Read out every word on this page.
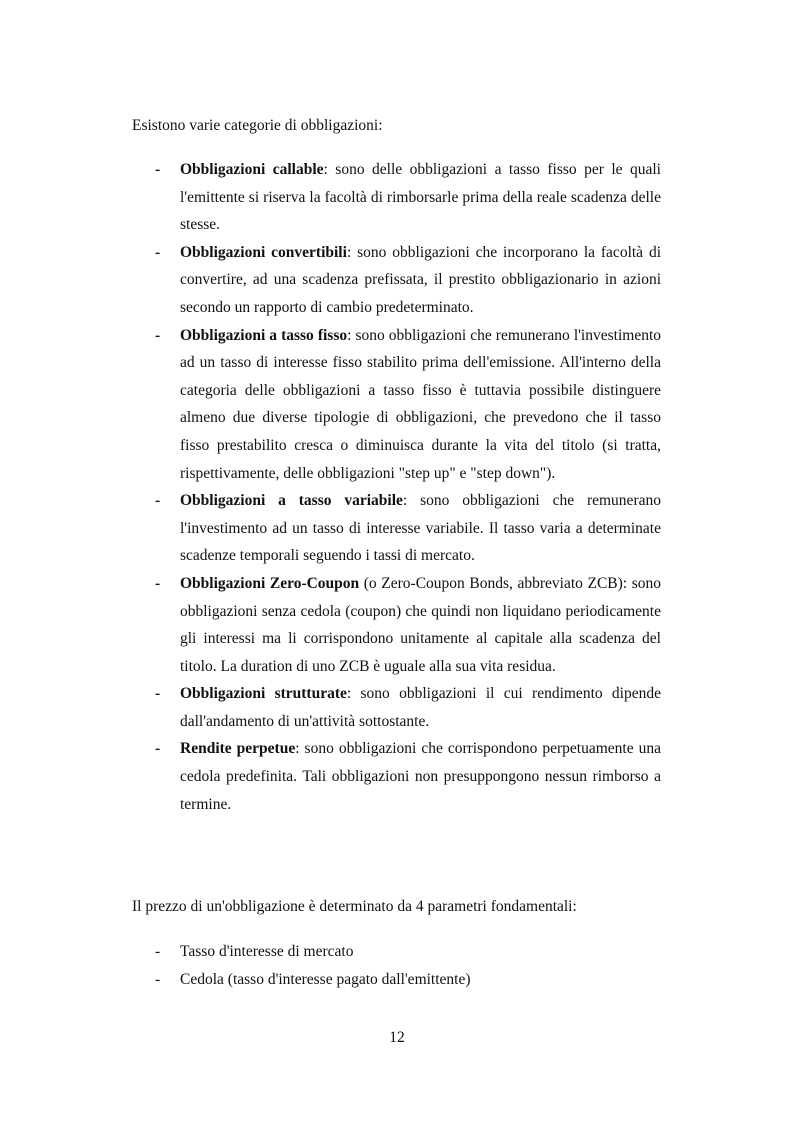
Esistono varie categorie di obbligazioni:

- Obbligazioni callable: sono delle obbligazioni a tasso fisso per le quali l'emittente si riserva la facoltà di rimborsarle prima della reale scadenza delle stesse.
- Obbligazioni convertibili: sono obbligazioni che incorporano la facoltà di convertire, ad una scadenza prefissata, il prestito obbligazionario in azioni secondo un rapporto di cambio predeterminato.
- Obbligazioni a tasso fisso: sono obbligazioni che remunerano l'investimento ad un tasso di interesse fisso stabilito prima dell'emissione. All'interno della categoria delle obbligazioni a tasso fisso è tuttavia possibile distinguere almeno due diverse tipologie di obbligazioni, che prevedono che il tasso fisso prestabilito cresca o diminuisca durante la vita del titolo (si tratta, rispettivamente, delle obbligazioni "step up" e "step down").
- Obbligazioni a tasso variabile: sono obbligazioni che remunerano l'investimento ad un tasso di interesse variabile. Il tasso varia a determinate scadenze temporali seguendo i tassi di mercato.
- Obbligazioni Zero-Coupon (o Zero-Coupon Bonds, abbreviato ZCB): sono obbligazioni senza cedola (coupon) che quindi non liquidano periodicamente gli interessi ma li corrispondono unitamente al capitale alla scadenza del titolo. La duration di uno ZCB è uguale alla sua vita residua.
- Obbligazioni strutturate: sono obbligazioni il cui rendimento dipende dall'andamento di un'attività sottostante.
- Rendite perpetue: sono obbligazioni che corrispondono perpetuamente una cedola predefinita. Tali obbligazioni non presuppongono nessun rimborso a termine.

Il prezzo di un'obbligazione è determinato da 4 parametri fondamentali:

- Tasso d'interesse di mercato
- Cedola (tasso d'interesse pagato dall'emittente)

12
